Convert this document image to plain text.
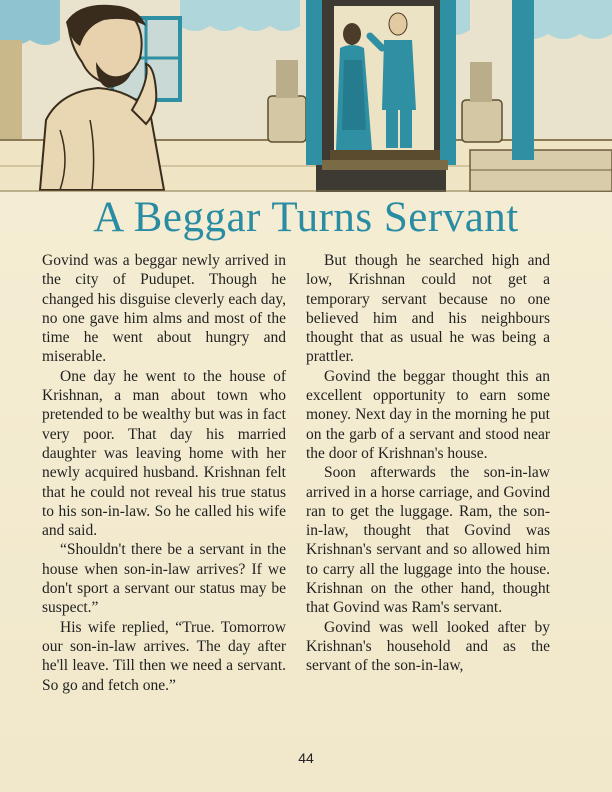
A Beggar Turns Servant

Govind was a beggar newly arrived in the city of Pudupet. Though he changed his disguise cleverly each day, no one gave him alms and most of the time he went about hungry and miserable.

One day he went to the house of Krishnan, a man about town who pretended to be wealthy but was in fact very poor. That day his married daughter was leaving home with her newly acquired husband. Krishnan felt that he could not reveal his true status to his son-in-law. So he called his wife and said.

“Shouldn't there be a servant in the house when son-in-law arrives? If we don't sport a servant our status may be suspect.”

His wife replied, “True. Tomorrow our son-in-law arrives. The day after he'll leave. Till then we need a servant. So go and fetch one.”

But though he searched high and low, Krishnan could not get a temporary servant because no one believed him and his neighbours thought that as usual he was being a prattler.

Govind the beggar thought this an excellent opportunity to earn some money. Next day in the morning he put on the garb of a servant and stood near the door of Krishnan's house.

Soon afterwards the son-in-law arrived in a horse carriage, and Govind ran to get the luggage. Ram, the son-in-law, thought that Govind was Krishnan's servant and so allowed him to carry all the luggage into the house. Krishnan on the other hand, thought that Govind was Ram's servant.

Govind was well looked after by Krishnan's household and as the servant of the son-in-law,

44
